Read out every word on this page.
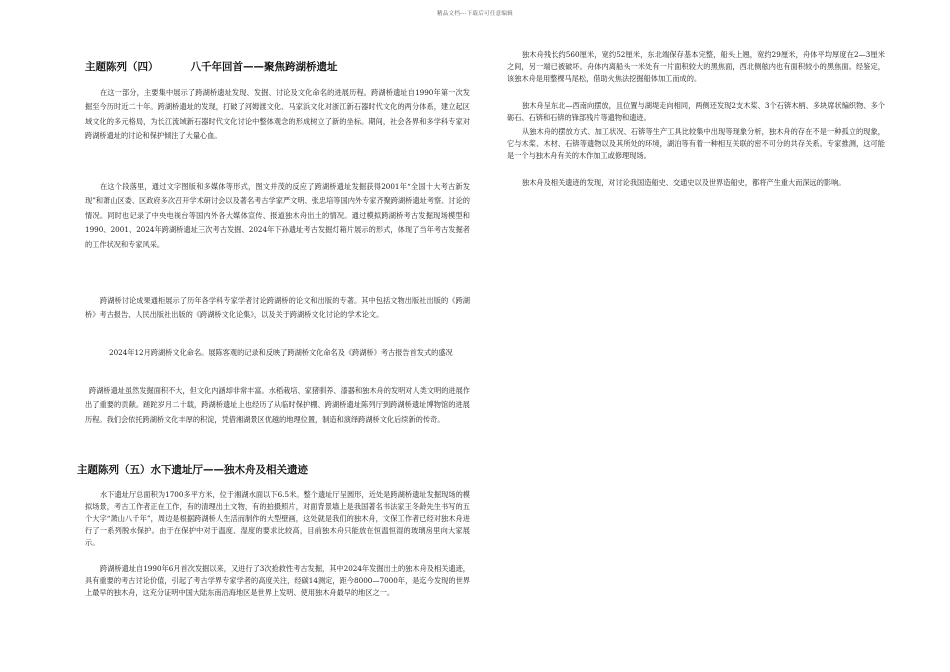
精品文档---下载后可任意编辑
主题陈列（四）	八千年回首——聚焦跨湖桥遗址

在这一部分，主要集中展示了跨湖桥遗址发现、发掘、讨论及文化命名的进展历程。跨湖桥遗址自1990年第一次发掘至今历时近二十年。跨湖桥遗址的发现，打破了河姆渡文化、马家浜文化对浙江新石器时代文化的两分体系，建立起区域文化的多元格局，为长江流域新石器时代文化讨论中整体观念的形成树立了新的坐标。期间，社会各界和多学科专家对跨湖桥遗址的讨论和保护倾注了大量心血。

在这个段落里，通过文字图版和多媒体等形式，图文并茂的反应了跨湖桥遗址发掘获得2001年“全国十大考古新发现”和萧山区委、区政府多次召开学术研讨会以及著名考古学家严文明、张忠培等国内外专家齐聚跨湖桥遗址考察、讨论的情况。同时也记录了中央电视台等国内外各大媒体宣传、报道独木舟出土的情况。通过模拟跨湖桥考古发掘现场模型和1990、2001、2024年跨湖桥遗址三次考古发掘、2024年下孙遗址考古发掘灯箱片展示的形式，体现了当年考古发掘者的工作状况和专家风采。

跨湖桥讨论成果通柜展示了历年各学科专家学者讨论跨湖桥的论文和出版的专著。其中包括文物出版社出版的《跨湖桥》考古报告、人民出版社出版的《跨湖桥文化论集》，以及关于跨湖桥文化讨论的学术论文。

2024年12月跨湖桥文化命名。展陈客观的记录和反映了跨湖桥文化命名及《跨湖桥》考古报告首发式的盛况

跨湖桥遗址虽然发掘面积不大，但文化内涵却非常丰富。水稻栽培、家猪驯养、漆器和独木舟的发明对人类文明的进展作出了重要的贡献。蹉跎岁月二十载，跨湖桥遗址上也经历了从临时保护棚、跨湖桥遗址陈列厅到跨湖桥遗址博物馆的进展历程。我们会依托跨湖桥文化丰厚的积淀，凭借湘湖景区优越的地理位置，制造和演绎跨湖桥文化后续新的传奇。

主题陈列（五）水下遗址厅——独木舟及相关遗迹

水下遗址厅总面积为1700多平方米，位于湘湖水面以下6.5米。整个遗址厅呈圆形，近处是跨湖桥遗址发掘现场的模拟场景，考古工作者正在工作，有的清理出土文物，有的拍摄照片，对面背景墙上是我国著名书法家王冬龄先生书写的五个大字“萧山八千年”，周边是根据跨湖桥人生活而制作的大型壁画，这处就是我们的独木舟，文保工作者已经对独木舟进行了一系列脱水保护。由于在保护中对于温度、湿度的要求比较高，目前独木舟只能放在恒温恒湿的玻璃房里向大家展示。

跨湖桥遗址自1990年6月首次发掘以来，又进行了3次抢救性考古发掘，其中2024年发掘出土的独木舟及相关遗迹，具有重要的考古讨论价值，引起了考古学界专家学者的高度关注，经碳14测定，距今8000—7000年，是迄今发现的世界上最早的独木舟，这充分证明中国大陆东南沿海地区是世界上发明、使用独木舟最早的地区之一。

独木舟残长约560厘米，宽约52厘米，东北端保存基本完整，船头上翘，宽约29厘米，舟体平均厚度在2—3厘米之间，另一端已被破坏。舟体内离船头一米处有一片面积较大的黑焦面，西北侧舷内也有面积较小的黑焦面。经鉴定，该独木舟是用整棵马尾松，借助火焦法挖掘船体加工而成的。

独木舟呈东北—西南向摆放，且位置与湖堤走向相同，两侧还发现2支木桨、3个石锛木柄、多块席状编织物、多个砺石、石锛和石锛的锋部残片等遗物和遗迹。

从独木舟的摆放方式、加工状况、石锛等生产工具比较集中出现等现象分析，独木舟的存在不是一种孤立的现象，它与木桨、木材、石锛等遗物以及其所处的环境，湖泊等有着一种相互关联的密不可分的共存关系。专家推测，这可能是一个与独木舟有关的木作加工或修理现场。

独木舟及相关遗迹的发现，对讨论我国造船史、交通史以及世界造船史，都将产生重大而深远的影响。
